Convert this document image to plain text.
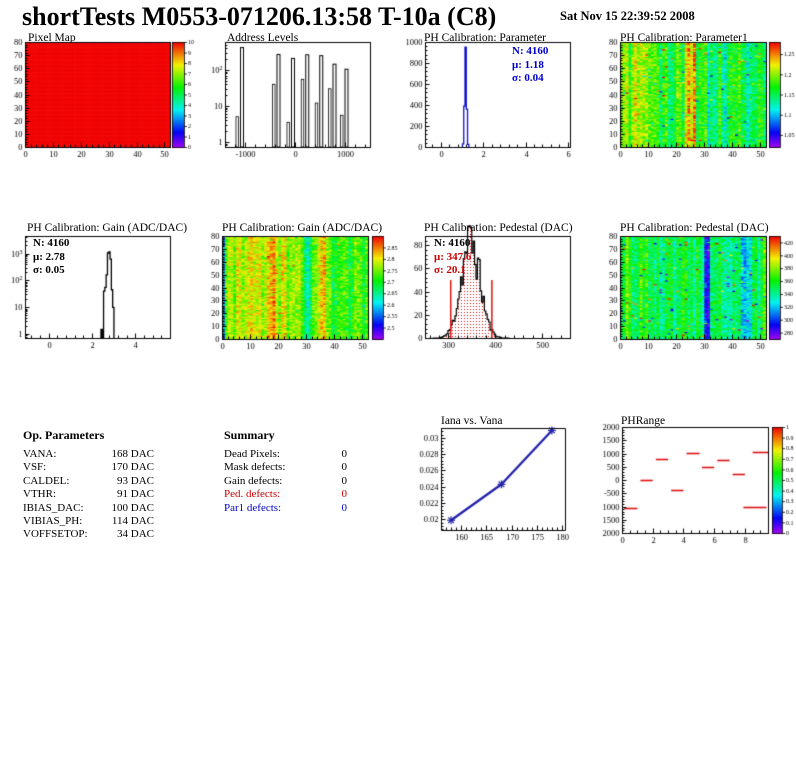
shortTests M0553-071206.13:58 T-10a (C8)	Sat Nov 15 22:39:52 2008
N: 4160
μ: 1.18
σ: 0.04
N: 4160
μ: 2.78
σ: 0.05
N: 4160
μ: 347.6
σ: 20.1
Op. Parameters
VANA:	168 DAC
VSF:	170 DAC
CALDEL:	93 DAC
VTHR:	91 DAC
IBIAS_DAC:	100 DAC
VIBIAS_PH:	114 DAC
VOFFSETOP:	34 DAC
Summary
Dead Pixels:	0
Mask defects:	0
Gain defects:	0
Ped. defects:	0
Par1 defects:	0
